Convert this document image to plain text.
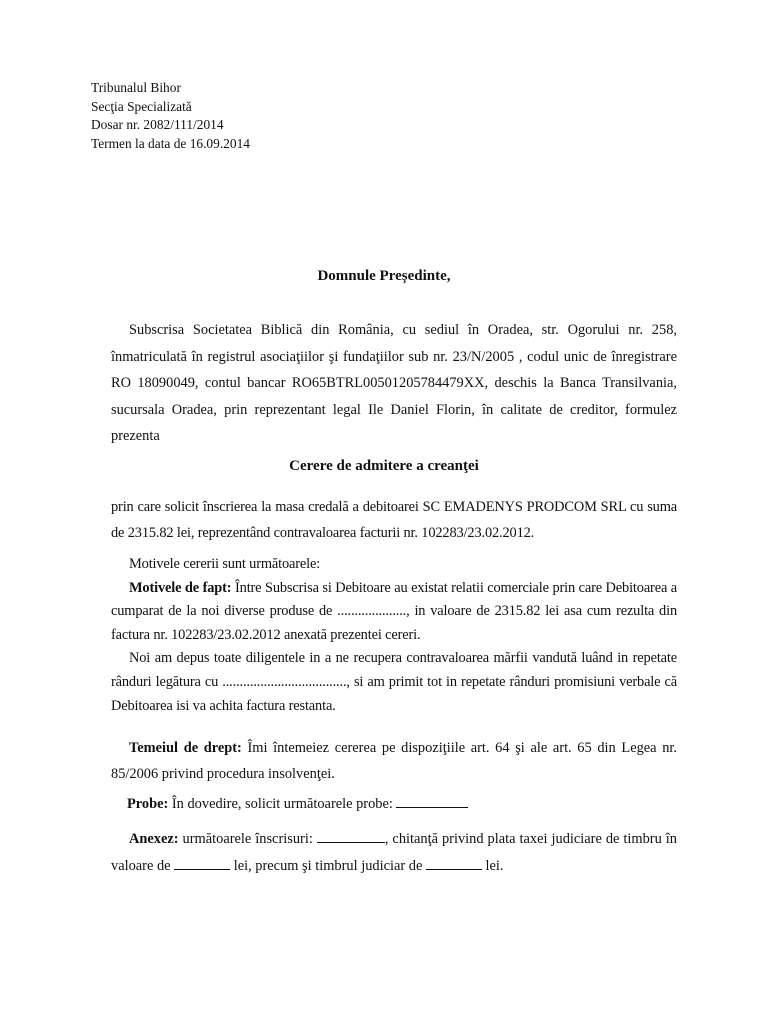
Tribunalul Bihor
Secţia Specializată
Dosar nr. 2082/111/2014
Termen la data de 16.09.2014
Domnule Președinte,
Subscrisa Societatea Biblică din România, cu sediul în Oradea, str. Ogorului nr. 258, înmatriculată în registrul asociaţiilor şi fundaţiilor sub nr. 23/N/2005 , codul unic de înregistrare RO 18090049, contul bancar RO65BTRL00501205784479XX, deschis la Banca Transilvania, sucursala Oradea, prin reprezentant legal Ile Daniel Florin, în calitate de creditor, formulez prezenta
Cerere de admitere a creanţei
prin care solicit înscrierea la masa credală a debitoarei SC EMADENYS PRODCOM SRL cu suma de 2315.82 lei, reprezentând contravaloarea facturii nr. 102283/23.02.2012.
Motivele cererii sunt următoarele:
Motivele de fapt: Între Subscrisa si Debitoare au existat relatii comerciale prin care Debitoarea a cumparat de la noi diverse produse de ...................., in valoare de 2315.82 lei asa cum rezulta din factura nr. 102283/23.02.2012 anexată prezentei cereri.
Noi am depus toate diligentele in a ne recupera contravaloarea mărfii vandută luând in repetate rânduri legătura cu ...................................., si am primit tot in repetate rânduri promisiuni verbale că Debitoarea isi va achita factura restanta.
Temeiul de drept: Îmi întemeiez cererea pe dispoziţiile art. 64 şi ale art. 65 din Legea nr. 85/2006 privind procedura insolvenţei.
Probe: În dovedire, solicit următoarele probe:
Anexez: următoarele înscrisuri:	, chitanţă privind plata taxei judiciare de timbru în valoare de	lei, precum şi timbrul judiciar de	lei.
